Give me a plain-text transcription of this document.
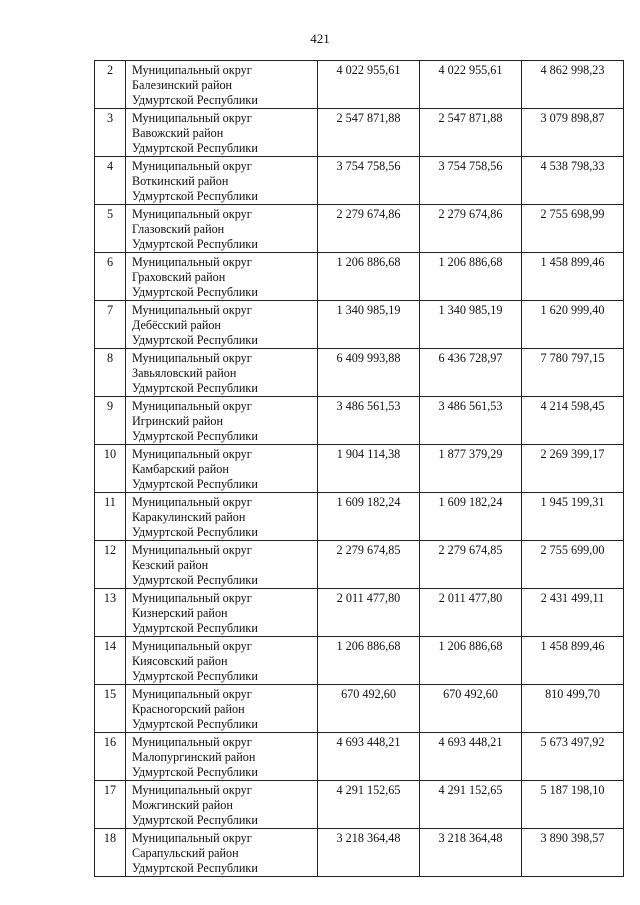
421
2	Муниципальный округ
Балезинский район
Удмуртской Республики	4 022 955,61	4 022 955,61	4 862 998,23
3	Муниципальный округ
Вавожский район
Удмуртской Республики	2 547 871,88	2 547 871,88	3 079 898,87
4	Муниципальный округ
Воткинский район
Удмуртской Республики	3 754 758,56	3 754 758,56	4 538 798,33
5	Муниципальный округ
Глазовский район
Удмуртской Республики	2 279 674,86	2 279 674,86	2 755 698,99
6	Муниципальный округ
Граховский район
Удмуртской Республики	1 206 886,68	1 206 886,68	1 458 899,46
7	Муниципальный округ
Дебёсский район
Удмуртской Республики	1 340 985,19	1 340 985,19	1 620 999,40
8	Муниципальный округ
Завьяловский район
Удмуртской Республики	6 409 993,88	6 436 728,97	7 780 797,15
9	Муниципальный округ
Игринский район
Удмуртской Республики	3 486 561,53	3 486 561,53	4 214 598,45
10	Муниципальный округ
Камбарский район
Удмуртской Республики	1 904 114,38	1 877 379,29	2 269 399,17
11	Муниципальный округ
Каракулинский район
Удмуртской Республики	1 609 182,24	1 609 182,24	1 945 199,31
12	Муниципальный округ
Кезский район
Удмуртской Республики	2 279 674,85	2 279 674,85	2 755 699,00
13	Муниципальный округ
Кизнерский район
Удмуртской Республики	2 011 477,80	2 011 477,80	2 431 499,11
14	Муниципальный округ
Киясовский район
Удмуртской Республики	1 206 886,68	1 206 886,68	1 458 899,46
15	Муниципальный округ
Красногорский район
Удмуртской Республики	670 492,60	670 492,60	810 499,70
16	Муниципальный округ
Малопургинский район
Удмуртской Республики	4 693 448,21	4 693 448,21	5 673 497,92
17	Муниципальный округ
Можгинский район
Удмуртской Республики	4 291 152,65	4 291 152,65	5 187 198,10
18	Муниципальный округ
Сарапульский район
Удмуртской Республики	3 218 364,48	3 218 364,48	3 890 398,57
